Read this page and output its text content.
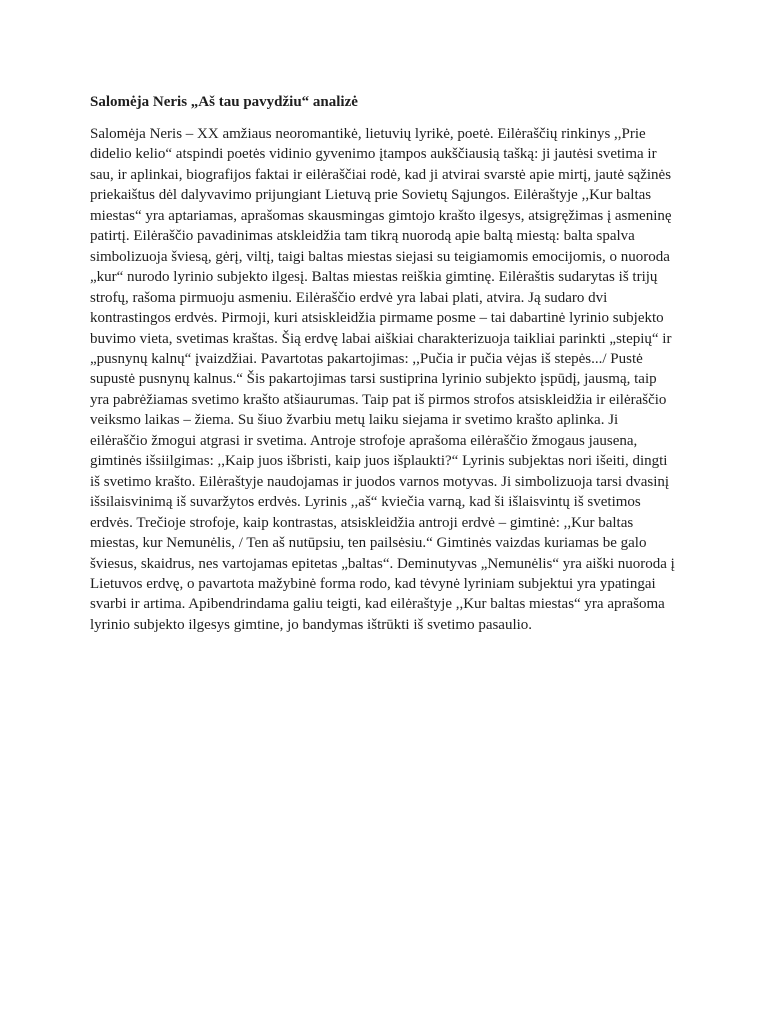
Salomėja Neris „Aš tau pavydžiu“ analizė
Salomėja Neris – XX amžiaus neoromantikė, lietuvių lyrikė, poetė. Eilėraščių rinkinys ,,Prie
didelio kelio“ atspindi poetės vidinio gyvenimo įtampos aukščiausią tašką: ji jautėsi svetima ir
sau, ir aplinkai, biografijos faktai ir eilėraščiai rodė, kad ji atvirai svarstė apie mirtį, jautė sąžinės
priekaištus dėl dalyvavimo prijungiant Lietuvą prie Sovietų Sąjungos. Eilėraštyje ,,Kur baltas
miestas“ yra aptariamas, aprašomas skausmingas gimtojo krašto ilgesys, atsigręžimas į asmeninę
patirtį. Eilėraščio pavadinimas atskleidžia tam tikrą nuorodą apie baltą miestą: balta spalva
simbolizuoja šviesą, gėrį, viltį, taigi baltas miestas siejasi su teigiamomis emocijomis, o nuoroda
„kur“ nurodo lyrinio subjekto ilgesį. Baltas miestas reiškia gimtinę. Eilėraštis sudarytas iš trijų
strofų, rašoma pirmuoju asmeniu. Eilėraščio erdvė yra labai plati, atvira. Ją sudaro dvi
kontrastingos erdvės. Pirmoji, kuri atsiskleidžia pirmame posme – tai dabartinė lyrinio subjekto
buvimo vieta, svetimas kraštas. Šią erdvę labai aiškiai charakterizuoja taikliai parinkti „stepių“ ir
„pusnynų kalnų“ įvaizdžiai. Pavartotas pakartojimas: ,,Pučia ir pučia vėjas iš stepės.../ Pustė
supustė pusnynų kalnus.“ Šis pakartojimas tarsi sustiprina lyrinio subjekto įspūdį, jausmą, taip
yra pabrėžiamas svetimo krašto atšiaurumas. Taip pat iš pirmos strofos atsiskleidžia ir eilėraščio
veiksmo laikas – žiema. Su šiuo žvarbiu metų laiku siejama ir svetimo krašto aplinka. Ji
eilėraščio žmogui atgrasi ir svetima. Antroje strofoje aprašoma eilėraščio žmogaus jausena,
gimtinės išsiilgimas: ,,Kaip juos išbristi, kaip juos išplaukti?“ Lyrinis subjektas nori išeiti, dingti
iš svetimo krašto. Eilėraštyje naudojamas ir juodos varnos motyvas. Ji simbolizuoja tarsi dvasinį
išsilaisvinimą iš suvaržytos erdvės. Lyrinis ,,aš“ kviečia varną, kad ši išlaisvintų iš svetimos
erdvės. Trečioje strofoje, kaip kontrastas, atsiskleidžia antroji erdvė – gimtinė: ,,Kur baltas
miestas, kur Nemunėlis, / Ten aš nutūpsiu, ten pailsėsiu.“ Gimtinės vaizdas kuriamas be galo
šviesus, skaidrus, nes vartojamas epitetas „baltas“. Deminutyvas „Nemunėlis“ yra aiški nuoroda į
Lietuvos erdvę, o pavartota mažybinė forma rodo, kad tėvynė lyriniam subjektui yra ypatingai
svarbi ir artima. Apibendrindama galiu teigti, kad eilėraštyje ,,Kur baltas miestas“ yra aprašoma
lyrinio subjekto ilgesys gimtine, jo bandymas ištrūkti iš svetimo pasaulio.
